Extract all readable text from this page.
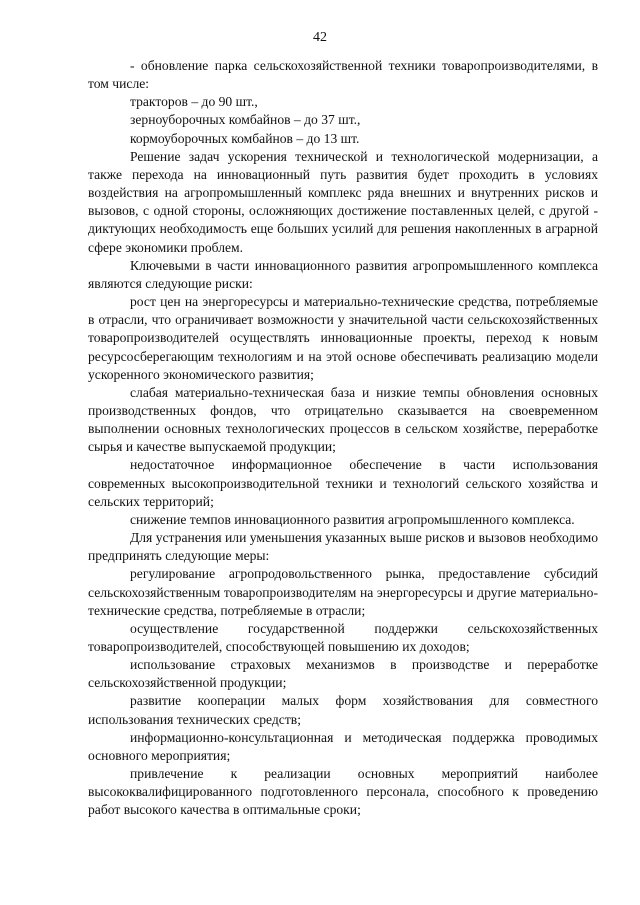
42

- обновление парка сельскохозяйственной техники товаропроизводителями, в том числе:

тракторов – до 90 шт.,

зерноуборочных комбайнов – до 37 шт.,

кормоуборочных комбайнов – до 13 шт.

Решение задач ускорения технической и технологической модернизации, а также перехода на инновационный путь развития будет проходить в условиях воздействия на агропромышленный комплекс ряда внешних и внутренних рисков и вызовов, с одной стороны, осложняющих достижение поставленных целей, с другой - диктующих необходимость еще больших усилий для решения накопленных в аграрной сфере экономики проблем.

Ключевыми в части инновационного развития агропромышленного комплекса являются следующие риски:

рост цен на энергоресурсы и материально-технические средства, потребляемые в отрасли, что ограничивает возможности у значительной части сельскохозяйственных товаропроизводителей осуществлять инновационные проекты, переход к новым ресурсосберегающим технологиям и на этой основе обеспечивать реализацию модели ускоренного экономического развития;

слабая материально-техническая база и низкие темпы обновления основных производственных фондов, что отрицательно сказывается на своевременном выполнении основных технологических процессов в сельском хозяйстве, переработке сырья и качестве выпускаемой продукции;

недостаточное информационное обеспечение в части использования современных высокопроизводительной техники и технологий сельского хозяйства и сельских территорий;

снижение темпов инновационного развития агропромышленного комплекса.

Для устранения или уменьшения указанных выше рисков и вызовов необходимо предпринять следующие меры:

регулирование агропродовольственного рынка, предоставление субсидий сельскохозяйственным товаропроизводителям на энергоресурсы и другие материально-технические средства, потребляемые в отрасли;

осуществление государственной поддержки сельскохозяйственных товаропроизводителей, способствующей повышению их доходов;

использование страховых механизмов в производстве и переработке сельскохозяйственной продукции;

развитие кооперации малых форм хозяйствования для совместного использования технических средств;

информационно-консультационная и методическая поддержка проводимых основного мероприятия;

привлечение к реализации основных мероприятий наиболее высококвалифицированного подготовленного персонала, способного к проведению работ высокого качества в оптимальные сроки;
